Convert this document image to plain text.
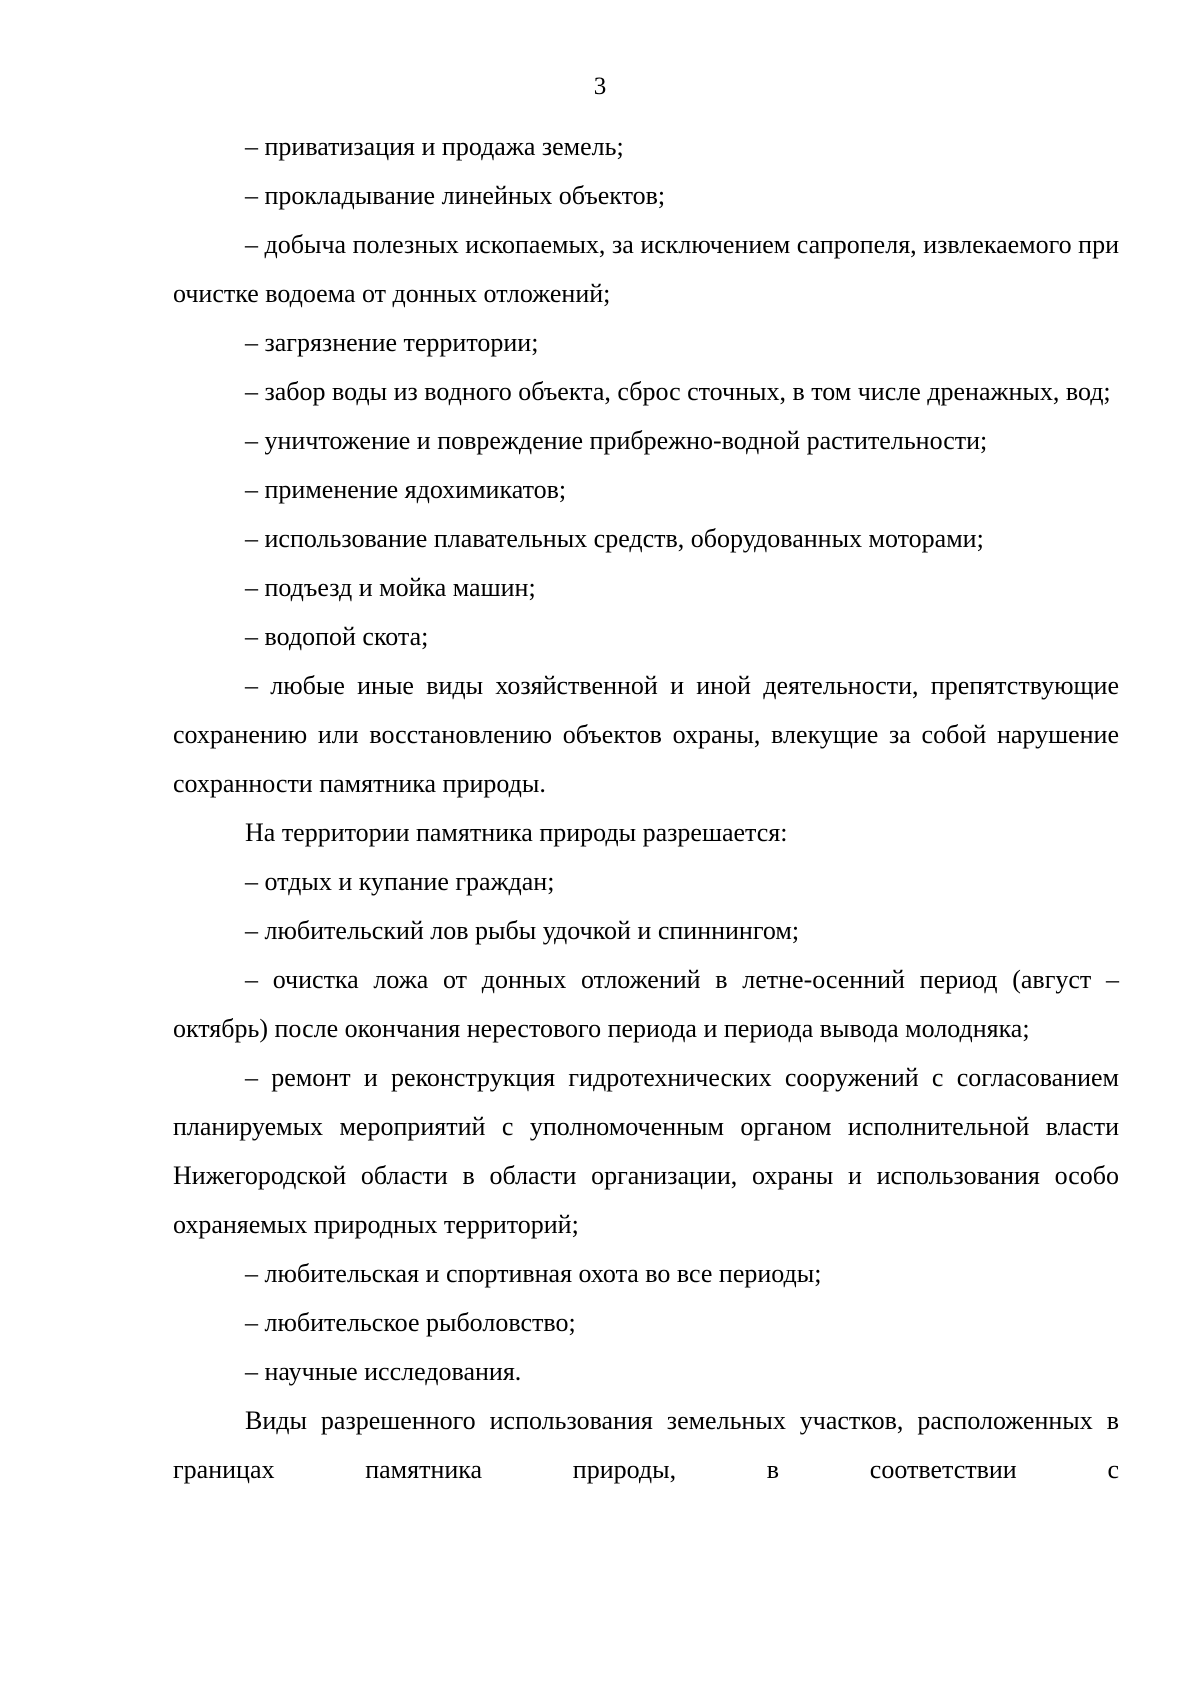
3

– приватизация и продажа земель;

– прокладывание линейных объектов;

– добыча полезных ископаемых, за исключением сапропеля, извлекаемого при очистке водоема от донных отложений;

– загрязнение территории;

– забор воды из водного объекта, сброс сточных, в том числе дренажных, вод;

– уничтожение и повреждение прибрежно-водной растительности;

– применение ядохимикатов;

– использование плавательных средств, оборудованных моторами;

– подъезд и мойка машин;

– водопой скота;

– любые иные виды хозяйственной и иной деятельности, препятствующие сохранению или восстановлению объектов охраны, влекущие за собой нарушение сохранности памятника природы.

На территории памятника природы разрешается:

– отдых и купание граждан;

– любительский лов рыбы удочкой и спиннингом;

– очистка ложа от донных отложений в летне-осенний период (август – октябрь) после окончания нерестового периода и периода вывода молодняка;

– ремонт и реконструкция гидротехнических сооружений с согласованием планируемых мероприятий с уполномоченным органом исполнительной власти Нижегородской области в области организации, охраны и использования особо охраняемых природных территорий;

– любительская и спортивная охота во все периоды;

– любительское рыболовство;

– научные исследования.

Виды разрешенного использования земельных участков, расположенных в границах памятника природы, в соответствии с
